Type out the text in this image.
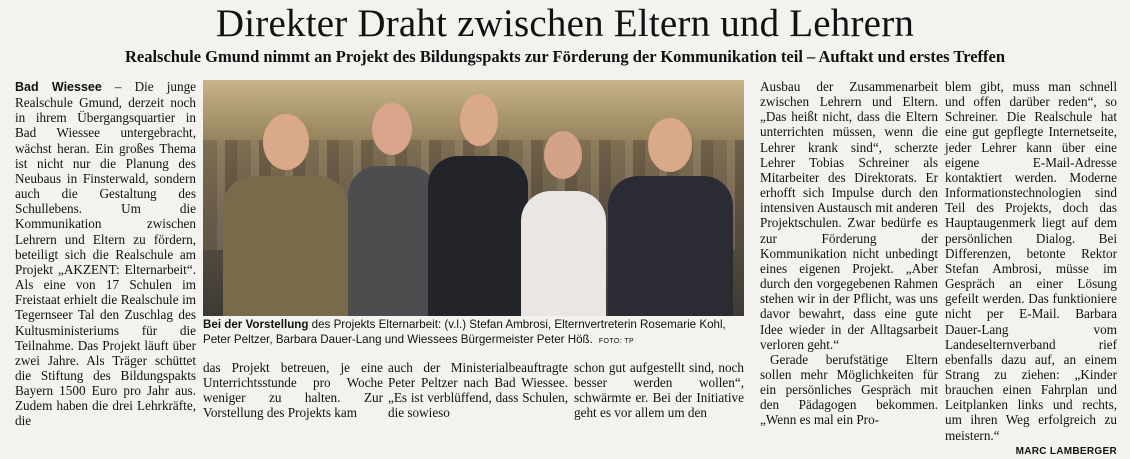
Direkter Draht zwischen Eltern und Lehrern
Realschule Gmund nimmt an Projekt des Bildungspakts zur Förderung der Kommunikation teil – Auftakt und erstes Treffen

Bad Wiessee – Die junge Realschule Gmund, derzeit noch in ihrem Übergangsquartier in Bad Wiessee untergebracht, wächst heran. Ein großes Thema ist nicht nur die Planung des Neubaus in Finsterwald, sondern auch die Gestaltung des Schullebens. Um die Kommunikation zwischen Lehrern und Eltern zu fördern, beteiligt sich die Realschule am Projekt „AKZENT: Elternarbeit“. Als eine von 17 Schulen im Freistaat erhielt die Realschule im Tegernseer Tal den Zuschlag des Kultusministeriums für die Teilnahme. Das Projekt läuft über zwei Jahre. Als Träger schüttet die Stiftung des Bildungspakts Bayern 1500 Euro pro Jahr aus. Zudem haben die drei Lehrkräfte, die

Bei der Vorstellung des Projekts Elternarbeit: (v.l.) Stefan Ambrosi, Elternvertreterin Rosemarie Kohl, Peter Peltzer, Barbara Dauer-Lang und Wiessees Bürgermeister Peter Höß. FOTO: TP

das Projekt betreuen, je eine Unterrichtsstunde pro Woche weniger zu halten. Zur Vorstellung des Projekts kam

auch der Ministerialbeauftragte Peter Peltzer nach Bad Wiessee. „Es ist verblüffend, dass Schulen, die sowieso

schon gut aufgestellt sind, noch besser werden wollen“, schwärmte er. Bei der Initiative geht es vor allem um den

Ausbau der Zusammenarbeit zwischen Lehrern und Eltern. „Das heißt nicht, dass die Eltern unterrichten müssen, wenn die Lehrer krank sind“, scherzte Lehrer Tobias Schreiner als Mitarbeiter des Direktorats. Er erhofft sich Impulse durch den intensiven Austausch mit anderen Projektschulen. Zwar bedürfe es zur Förderung der Kommunikation nicht unbedingt eines eigenen Projekt. „Aber durch den vorgegebenen Rahmen stehen wir in der Pflicht, was uns davor bewahrt, dass eine gute Idee wieder in der Alltagsarbeit verloren geht.“

Gerade berufstätige Eltern sollen mehr Möglichkeiten für ein persönliches Gespräch mit den Pädagogen bekommen. „Wenn es mal ein Pro-

blem gibt, muss man schnell und offen darüber reden“, so Schreiner. Die Realschule hat eine gut gepflegte Internetseite, jeder Lehrer kann über eine eigene E-Mail-Adresse kontaktiert werden. Moderne Informationstechnologien sind Teil des Projekts, doch das Hauptaugenmerk liegt auf dem persönlichen Dialog. Bei Differenzen, betonte Rektor Stefan Ambrosi, müsse im Gespräch an einer Lösung gefeilt werden. Das funktioniere nicht per E-Mail. Barbara Dauer-Lang vom Landeselternverband rief ebenfalls dazu auf, an einem Strang zu ziehen: „Kinder brauchen einen Fahrplan und Leitplanken links und rechts, um ihren Weg erfolgreich zu meistern.“

MARC LAMBERGER
